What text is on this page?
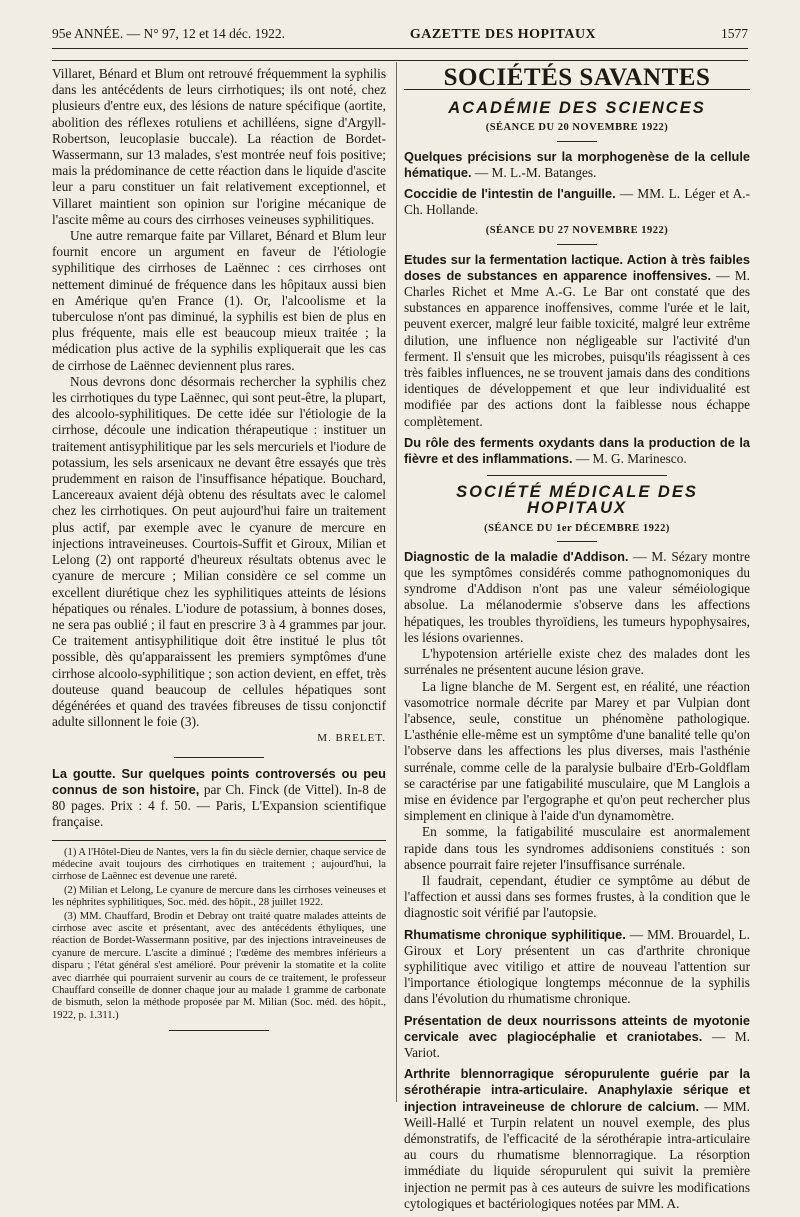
95e ANNÉE. — N° 97, 12 et 14 déc. 1922.	GAZETTE DES HOPITAUX	1577

Villaret, Bénard et Blum ont retrouvé fréquemment la syphilis dans les antécédents de leurs cirrhotiques; ils ont noté, chez plusieurs d'entre eux, des lésions de nature spécifique (aortite, abolition des réflexes rotuliens et achilléens, signe d'Argyll-Robertson, leucoplasie buccale). La réaction de Bordet-Wassermann, sur 13 malades, s'est montrée neuf fois positive; mais la prédominance de cette réaction dans le liquide d'ascite leur a paru constituer un fait relativement exceptionnel, et Villaret maintient son opinion sur l'origine mécanique de l'ascite même au cours des cirrhoses veineuses syphilitiques.

Une autre remarque faite par Villaret, Bénard et Blum leur fournit encore un argument en faveur de l'étiologie syphilitique des cirrhoses de Laënnec : ces cirrhoses ont nettement diminué de fréquence dans les hôpitaux aussi bien en Amérique qu'en France (1). Or, l'alcoolisme et la tuberculose n'ont pas diminué, la syphilis est bien de plus en plus fréquente, mais elle est beaucoup mieux traitée ; la médication plus active de la syphilis expliquerait que les cas de cirrhose de Laënnec deviennent plus rares.

Nous devrons donc désormais rechercher la syphilis chez les cirrhotiques du type Laënnec, qui sont peut-être, la plupart, des alcoolo-syphilitiques. De cette idée sur l'étiologie de la cirrhose, découle une indication thérapeutique : instituer un traitement antisyphilitique par les sels mercuriels et l'iodure de potassium, les sels arsenicaux ne devant être essayés que très prudemment en raison de l'insuffisance hépatique. Bouchard, Lancereaux avaient déjà obtenu des résultats avec le calomel chez les cirrhotiques. On peut aujourd'hui faire un traitement plus actif, par exemple avec le cyanure de mercure en injections intraveineuses. Courtois-Suffit et Giroux, Milian et Lelong (2) ont rapporté d'heureux résultats obtenus avec le cyanure de mercure ; Milian considère ce sel comme un excellent diurétique chez les syphilitiques atteints de lésions hépatiques ou rénales. L'iodure de potassium, à bonnes doses, ne sera pas oublié ; il faut en prescrire 3 à 4 grammes par jour. Ce traitement antisyphilitique doit être institué le plus tôt possible, dès qu'apparaissent les premiers symptômes d'une cirrhose alcoolo-syphilitique ; son action devient, en effet, très douteuse quand beaucoup de cellules hépatiques sont dégénérées et quand des travées fibreuses de tissu conjonctif adulte sillonnent le foie (3).

M. BRELET.
La goutte. Sur quelques points controversés ou peu connus de son histoire, par Ch. Finck (de Vittel). In-8 de 80 pages. Prix : 4 f. 50. — Paris, L'Expansion scientifique française.

(1) A l'Hôtel-Dieu de Nantes, vers la fin du siècle dernier, chaque service de médecine avait toujours des cirrhotiques en traitement ; aujourd'hui, la cirrhose de Laënnec est devenue une rareté.

(2) Milian et Lelong, Le cyanure de mercure dans les cirrhoses veineuses et les néphrites syphilitiques, Soc. méd. des hôpit., 28 juillet 1922.

(3) MM. Chauffard, Brodin et Debray ont traité quatre malades atteints de cirrhose avec ascite et présentant, avec des antécédents éthyliques, une réaction de Bordet-Wassermann positive, par des injections intraveineuses de cyanure de mercure. L'ascite a diminué ; l'œdème des membres inférieurs a disparu ; l'état général s'est amélioré. Pour prévenir la stomatite et la colite avec diarrhée qui pourraient survenir au cours de ce traitement, le professeur Chauffard conseille de donner chaque jour au malade 1 gramme de carbonate de bismuth, selon la méthode proposée par M. Milian (Soc. méd. des hôpit., 1922, p. 1.311.)

SOCIÉTÉS SAVANTES
ACADÉMIE DES SCIENCES
(SÉANCE DU 20 NOVEMBRE 1922)
Quelques précisions sur la morphogenèse de la cellule hématique. — M. L.-M. Batanges.
Coccidie de l'intestin de l'anguille. — MM. L. Léger et A.-Ch. Hollande.
(SÉANCE DU 27 NOVEMBRE 1922)
Etudes sur la fermentation lactique. Action à très faibles doses de substances en apparence inoffensives. — M. Charles Richet et Mme A.-G. Le Bar ont constaté que des substances en apparence inoffensives, comme l'urée et le lait, peuvent exercer, malgré leur faible toxicité, malgré leur extrême dilution, une influence non négligeable sur l'activité d'un ferment. Il s'ensuit que les microbes, puisqu'ils réagissent à ces très faibles influences, ne se trouvent jamais dans des conditions identiques de développement et que leur individualité est modifiée par des actions dont la faiblesse nous échappe complètement.
Du rôle des ferments oxydants dans la production de la fièvre et des inflammations. — M. G. Marinesco.
SOCIÉTÉ MÉDICALE DES HOPITAUX
(SÉANCE DU 1er DÉCEMBRE 1922)
Diagnostic de la maladie d'Addison. — M. Sézary montre que les symptômes considérés comme pathognomoniques du syndrome d'Addison n'ont pas une valeur séméiologique absolue. La mélanodermie s'observe dans les affections hépatiques, les troubles thyroïdiens, les tumeurs hypophysaires, les lésions ovariennes.

L'hypotension artérielle existe chez des malades dont les surrénales ne présentent aucune lésion grave.

La ligne blanche de M. Sergent est, en réalité, une réaction vasomotrice normale décrite par Marey et par Vulpian dont l'absence, seule, constitue un phénomène pathologique. L'asthénie elle-même est un symptôme d'une banalité telle qu'on l'observe dans les affections les plus diverses, mais l'asthénie surrénale, comme celle de la paralysie bulbaire d'Erb-Goldflam se caractérise par une fatigabilité musculaire, que M Langlois a mise en évidence par l'ergographe et qu'on peut rechercher plus simplement en clinique à l'aide d'un dynamomètre.

En somme, la fatigabilité musculaire est anormalement rapide dans tous les syndromes addisoniens constitués : son absence pourrait faire rejeter l'insuffisance surrénale.

Il faudrait, cependant, étudier ce symptôme au début de l'affection et aussi dans ses formes frustes, à la condition que le diagnostic soit vérifié par l'autopsie.

Rhumatisme chronique syphilitique. — MM. Brouardel, L. Giroux et Lory présentent un cas d'arthrite chronique syphilitique avec vitiligo et attire de nouveau l'attention sur l'importance étiologique longtemps méconnue de la syphilis dans l'évolution du rhumatisme chronique.
Présentation de deux nourrissons atteints de myotonie cervicale avec plagiocéphalie et craniotabes. — M. Variot.
Arthrite blennorragique séropurulente guérie par la sérothérapie intra-articulaire. Anaphylaxie sérique et injection intraveineuse de chlorure de calcium. — MM. Weill-Hallé et Turpin relatent un nouvel exemple, des plus démonstratifs, de l'efficacité de la sérothérapie intra-articulaire au cours du rhumatisme blennorragique. La résorption immédiate du liquide séropurulent qui suivit la première injection ne permit pas à ces auteurs de suivre les modifications cytologiques et bactériologiques notées par MM. A.
